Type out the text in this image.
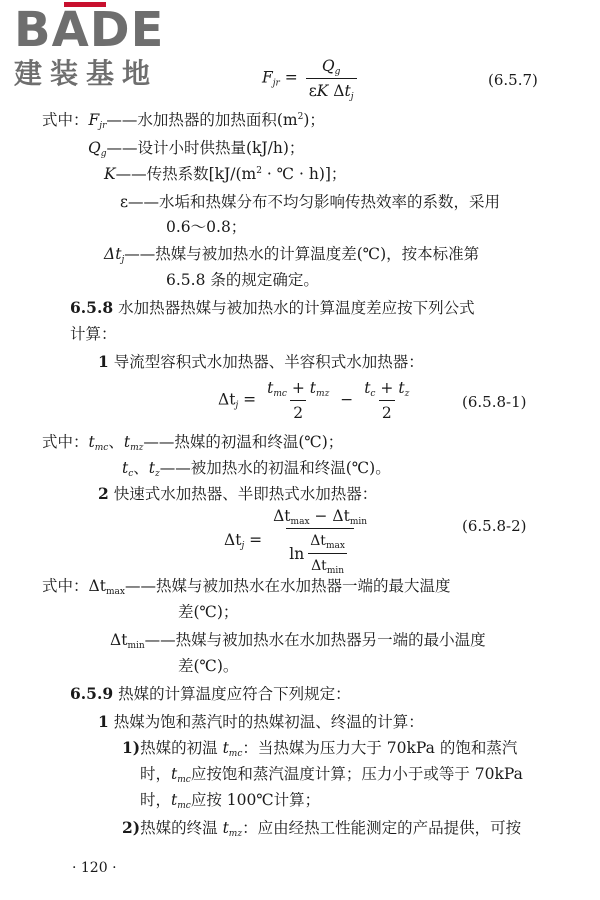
BADE
建装基地	$F_{jr} = \frac{Q_g}{\varepsilon K \Delta t_j}$	(6.5.7)
式中：$F_{jr}——$水加热器的加热面积$(m^2)$；
$Q_g——$设计小时供热量(kJ/h)；
K——传热系数[$kJ/(m^2$ · ℃ · h)]；
ε——水垢和热媒分布不均匀影响传热效率的系数，采用
0.6～0.8；
$\Delta t_j——$热媒与被加热水的计算温度差(℃)，按本标准第
6.5.8 条的规定确定。
6.5.8 水加热器热媒与被加热水的计算温度差应按下列公式
计算：
1 导流型容积式水加热器、半容积式水加热器：
$\Delta t_j = \frac{t_{mc} + t_{mz}}{2} - \frac{t_c + t_z}{2}$	(6.5.8-1)
式中：$t_{mc}$、$t_{mz}——$热媒的初温和终温(℃)；
$t_c$、$t_z——$被加热水的初温和终温(℃)。
2 快速式水加热器、半即热式水加热器：
$\Delta t_j = \frac{\Delta t_{max} - \Delta t_{min}}{\ln \frac{\Delta t_{max}}{\Delta t_{min}}}$	(6.5.8-2)
式中：$\Delta t_{max}——$热媒与被加热水在水加热器一端的最大温度
差(℃)；
$\Delta t_{min}——$热媒与被加热水在水加热器另一端的最小温度
差(℃)。
6.5.9 热媒的计算温度应符合下列规定：
1 热媒为饱和蒸汽时的热媒初温、终温的计算：
1)热媒的初温 $t_{mc}$：当热媒为压力大于 70kPa 的饱和蒸汽
时，$t_{mc}$应按饱和蒸汽温度计算；压力小于或等于 70kPa
时，$t_{mc}$应按 100℃计算；
2)热媒的终温 $t_{mz}$：应由经热工性能测定的产品提供，可按
· 120 ·
